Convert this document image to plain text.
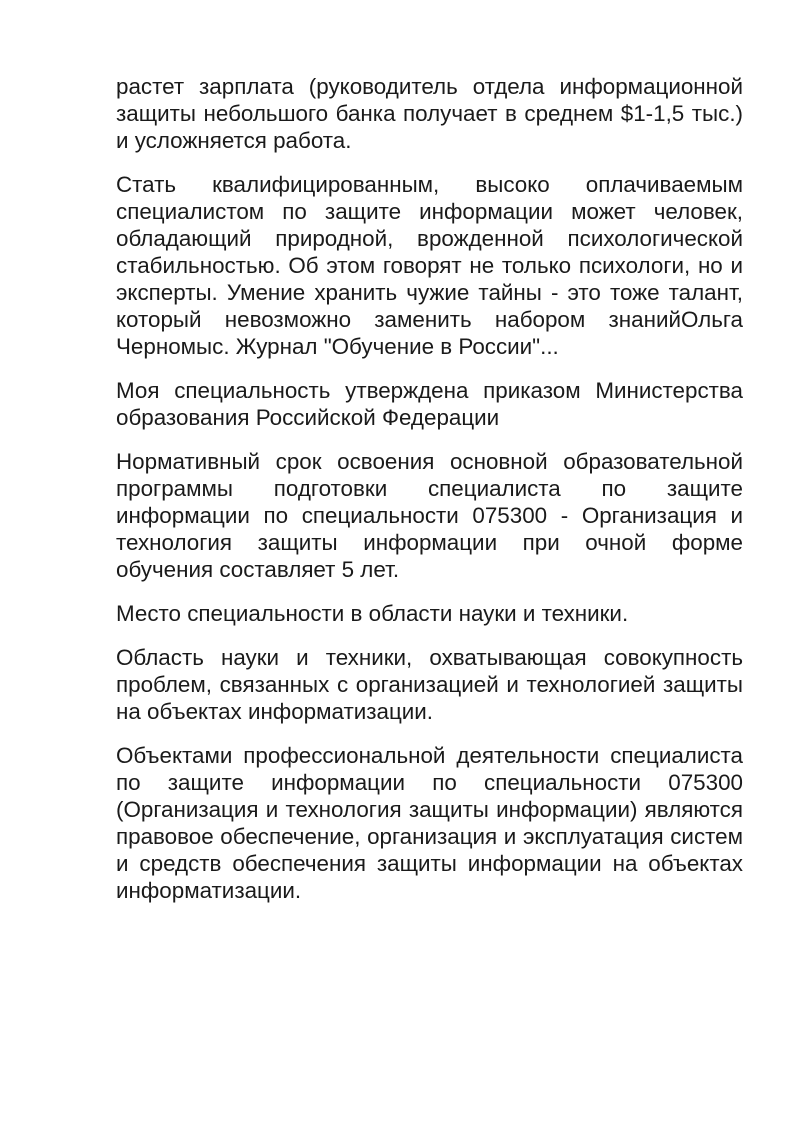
растет зарплата (руководитель отдела информационной защиты небольшого банка получает в среднем $1-1,5 тыс.) и усложняется работа.

Стать квалифицированным, высоко оплачиваемым специалистом по защите информации может человек, обладающий природной, врожденной психологической стабильностью. Об этом говорят не только психологи, но и эксперты. Умение хранить чужие тайны - это тоже талант, который невозможно заменить набором знанийОльга Черномыс. Журнал "Обучение в России"...

Моя специальность утверждена приказом Министерства образования Российской Федерации

Нормативный срок освоения основной образовательной программы подготовки специалиста по защите информации по специальности 075300 - Организация и технология защиты информации при очной форме обучения составляет 5 лет.

Место специальности в области науки и техники.

Область науки и техники, охватывающая совокупность проблем, связанных с организацией и технологией защиты на объектах информатизации.

Объектами профессиональной деятельности специалиста по защите информации по специальности 075300 (Организация и технология защиты информации) являются правовое обеспечение, организация и эксплуатация систем и средств обеспечения защиты информации на объектах информатизации.
